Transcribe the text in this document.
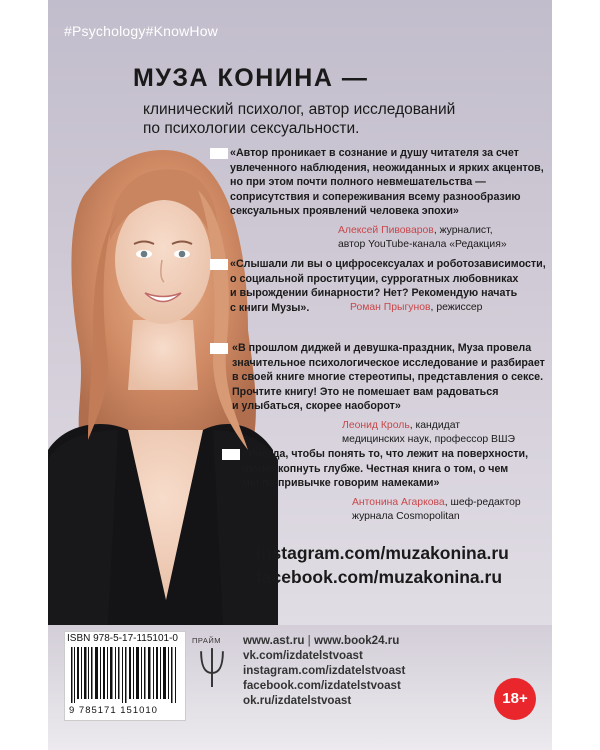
#Psychology#KnowHow
МУЗА КОНИНА —
клинический психолог, автор исследований
по психологии сексуальности.
«Автор проникает в сознание и душу читателя за счет
увлеченного наблюдения, неожиданных и ярких акцентов,
но при этом почти полного невмешательства —
соприсутствия и сопереживания всему разнообразию
сексуальных проявлений человека эпохи»
Алексей Пивоваров, журналист,
автор YouTube-канала «Редакция»
«Слышали ли вы о цифросексуалах и роботозависимости,
о социальной проституции, суррогатных любовниках
и вырождении бинарности? Нет? Рекомендую начать
с книги Музы».	Роман Прыгунов, режиссер
«В прошлом диджей и девушка-праздник, Муза провела
значительное психологическое исследование и разбирает
в своей книге многие стереотипы, представления о сексе.
Прочтите книгу! Это не помешает вам радоваться
и улыбаться, скорее наоборот»
Леонид Кроль, кандидат
медицинских наук, профессор ВШЭ
«Иногда, чтобы понять то, что лежит на поверхности,
нужно копнуть глубже. Честная книга о том, о чем
мы по привычке говорим намеками»
Антонина Агаркова, шеф-редактор
журнала Cosmopolitan
instagram.com/muzakonina.ru
facebook.com/muzakonina.ru
ISBN 978-5-17-115101-0
9 785171 151010
ПРАЙМ www.ast.ru | www.book24.ru
vk.com/izdatelstvoast
instagram.com/izdatelstvoast
facebook.com/izdatelstvoast
ok.ru/izdatelstvoast	18+
